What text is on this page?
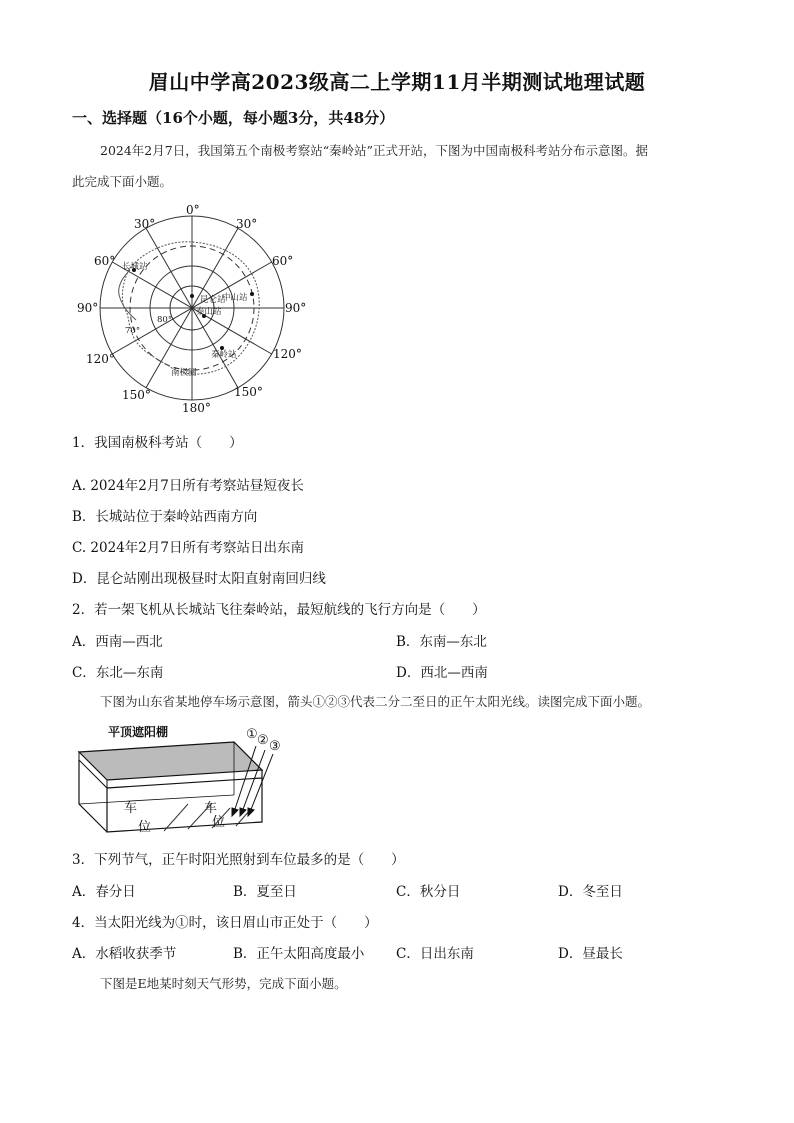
眉山中学高2023级高二上学期11月半期测试地理试题
一、选择题（16个小题，每小题3分，共48分）
2024年2月7日，我国第五个南极考察站“秦岭站”正式开站，下图为中国南极科考站分布示意图。据
此完成下面小题。
0°
30°	30°
60°	60°
90°	90°
120°	120°
150°	150°
180°
70°
80°
长城站
昆仑站
中山站
泰山站
秦岭站
南极圈
1．我国南极科考站（　　）
A. 2024年2月7日所有考察站昼短夜长
B．长城站位于秦岭站西南方向
C. 2024年2月7日所有考察站日出东南
D．昆仑站刚出现极昼时太阳直射南回归线
2．若一架飞机从长城站飞往秦岭站，最短航线的飞行方向是（　　）
A．西南—西北	B．东南—东北
C．东北—东南	D．西北—西南
下图为山东省某地停车场示意图，箭头①②③代表二分二至日的正午太阳光线。读图完成下面小题。
平顶遮阳棚	① ② ③
车
位
车
位
3．下列节气，正午时阳光照射到车位最多的是（　　）
A．春分日	B．夏至日	C．秋分日	D．冬至日
4．当太阳光线为①时，该日眉山市正处于（　　）
A．水稻收获季节	B．正午太阳高度最小 C．日出东南	D．昼最长
下图是E地某时刻天气形势，完成下面小题。
